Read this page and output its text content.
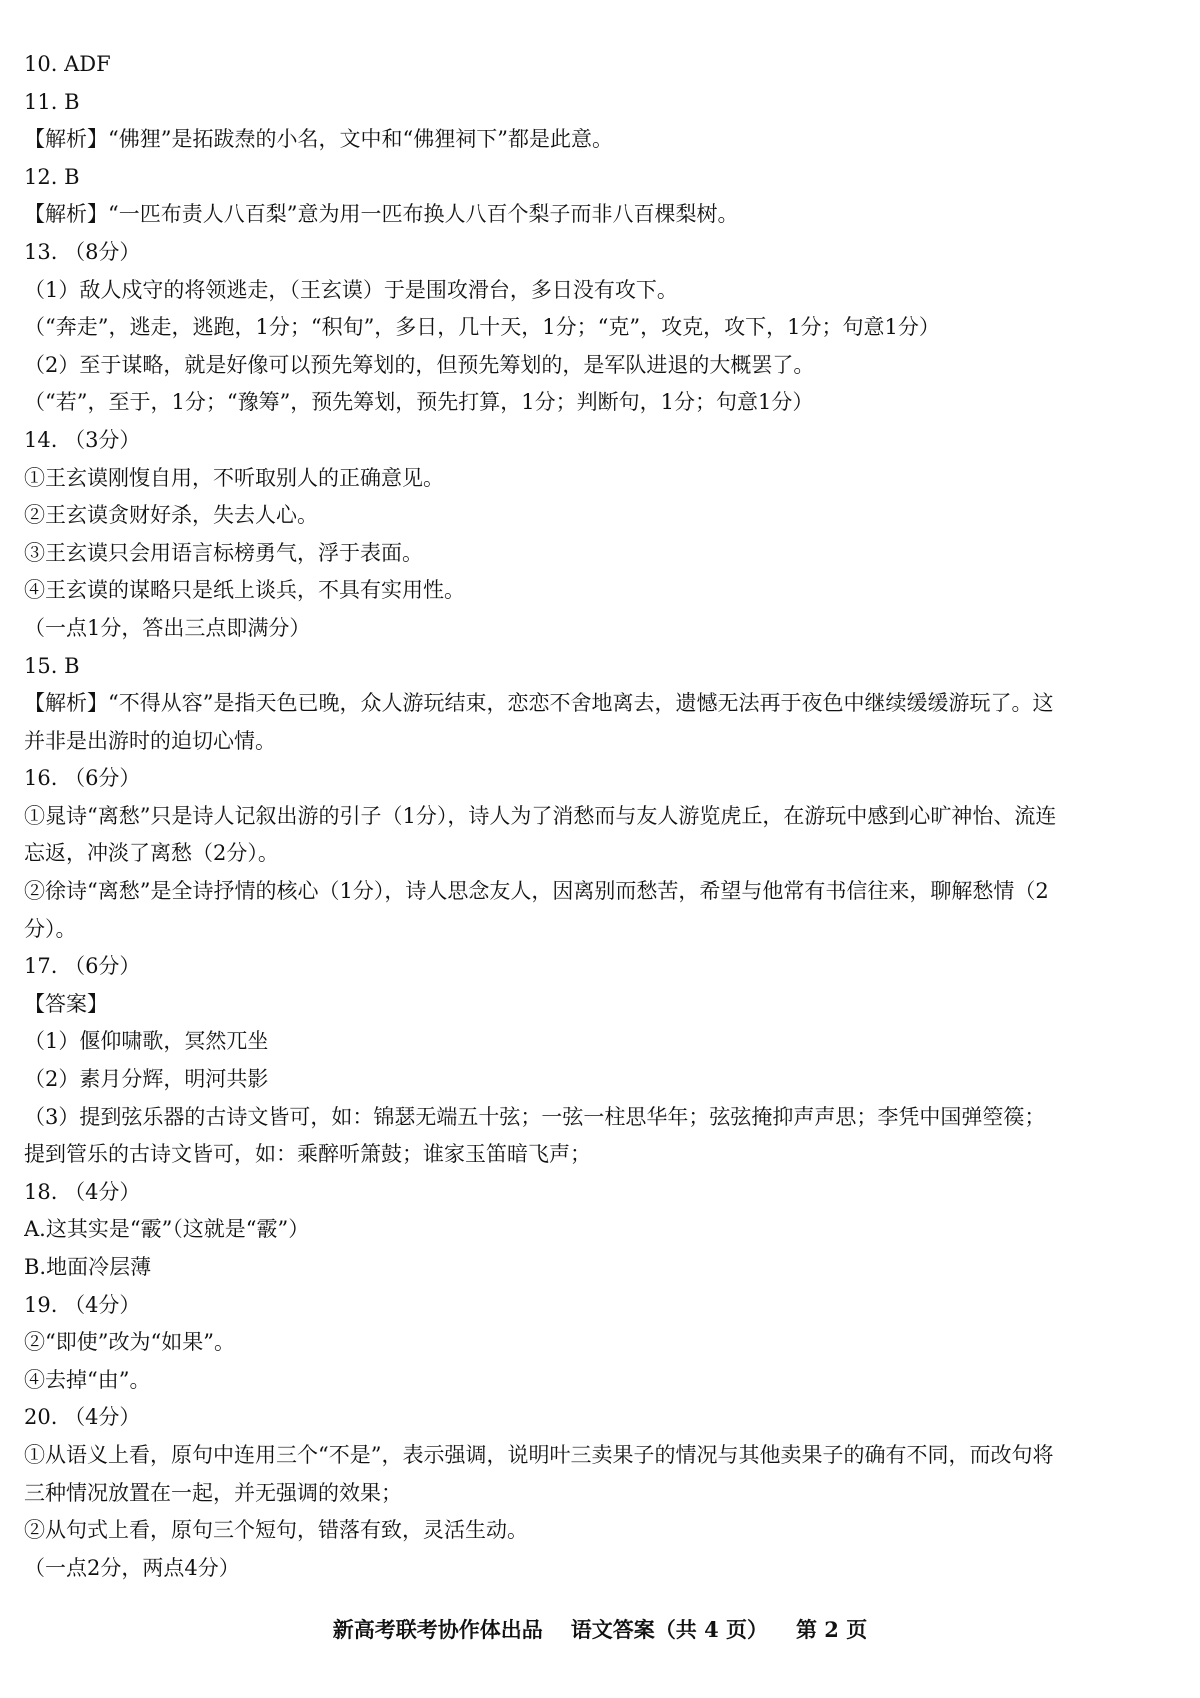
10. ADF
11. B
【解析】“佛狸”是拓跋焘的小名，文中和“佛狸祠下”都是此意。
12. B
【解析】“一匹布责人八百梨”意为用一匹布换人八百个梨子而非八百棵梨树。
13. （8分）
（1）敌人戍守的将领逃走，（王玄谟）于是围攻滑台，多日没有攻下。
（“奔走”，逃走，逃跑，1分；“积旬”，多日，几十天，1分；“克”，攻克，攻下，1分；句意1分）
（2）至于谋略，就是好像可以预先筹划的，但预先筹划的，是军队进退的大概罢了。
（“若”，至于，1分；“豫筹”，预先筹划，预先打算，1分；判断句，1分；句意1分）
14. （3分）
①王玄谟刚愎自用，不听取别人的正确意见。
②王玄谟贪财好杀，失去人心。
③王玄谟只会用语言标榜勇气，浮于表面。
④王玄谟的谋略只是纸上谈兵，不具有实用性。
（一点1分，答出三点即满分）
15. B
【解析】“不得从容”是指天色已晚，众人游玩结束，恋恋不舍地离去，遗憾无法再于夜色中继续缓缓游玩了。这
并非是出游时的迫切心情。
16. （6分）
①晁诗“离愁”只是诗人记叙出游的引子（1分），诗人为了消愁而与友人游览虎丘，在游玩中感到心旷神怡、流连
忘返，冲淡了离愁（2分）。
②徐诗“离愁”是全诗抒情的核心（1分），诗人思念友人，因离别而愁苦，希望与他常有书信往来，聊解愁情（2
分）。
17. （6分）
【答案】
（1）偃仰啸歌，冥然兀坐
（2）素月分辉，明河共影
（3）提到弦乐器的古诗文皆可，如：锦瑟无端五十弦；一弦一柱思华年；弦弦掩抑声声思；李凭中国弹箜篌；
提到管乐的古诗文皆可，如：乘醉听箫鼓；谁家玉笛暗飞声；
18. （4分）
A.这其实是“霰”（这就是“霰”）
B.地面冷层薄
19. （4分）
②“即使”改为“如果”。
④去掉“由”。
20. （4分）
①从语义上看，原句中连用三个“不是”，表示强调，说明叶三卖果子的情况与其他卖果子的确有不同，而改句将
三种情况放置在一起，并无强调的效果；
②从句式上看，原句三个短句，错落有致，灵活生动。
（一点2分，两点4分）
新高考联考协作体出品 语文答案（共 4 页） 第 2 页
